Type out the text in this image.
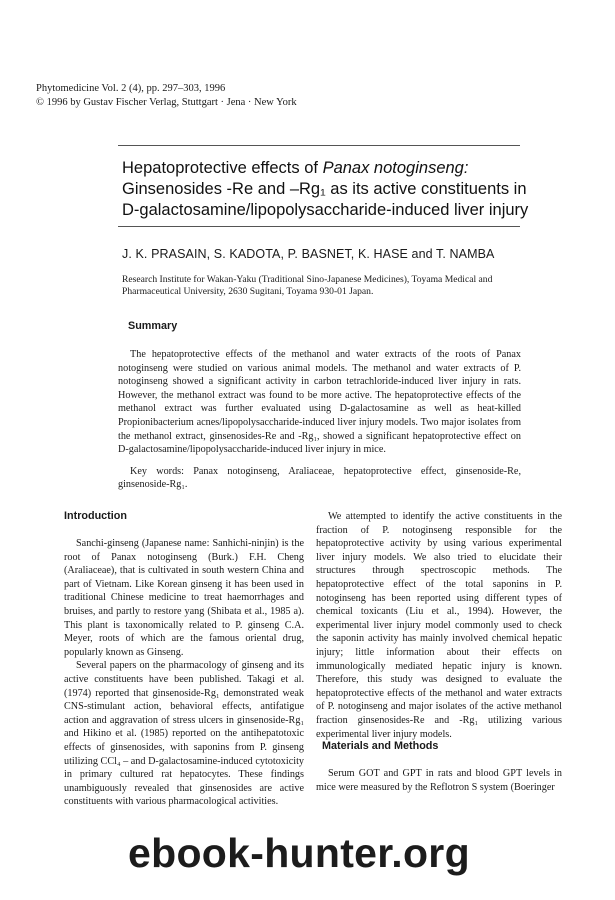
Phytomedicine Vol. 2 (4), pp. 297–303, 1996
© 1996 by Gustav Fischer Verlag, Stuttgart · Jena · New York
Hepatoprotective effects of Panax notoginseng:
Ginsenosides -Re and –Rg₁ as its active constituents in
D-galactosamine/lipopolysaccharide-induced liver injury
J. K. PRASAIN, S. KADOTA, P. BASNET, K. HASE and T. NAMBA
Research Institute for Wakan-Yaku (Traditional Sino-Japanese Medicines), Toyama Medical and Pharmaceutical University, 2630 Sugitani, Toyama 930-01 Japan.
Summary

The hepatoprotective effects of the methanol and water extracts of the roots of Panax notoginseng were studied on various animal models. The methanol and water extracts of P. notoginseng showed a significant activity in carbon tetrachloride-induced liver injury in rats. However, the methanol extract was found to be more active. The hepatoprotective effects of the methanol extract was further evaluated using D-galactosamine as well as heat-killed Propionibacterium acnes/lipopolysaccharide-induced liver injury models. Two major isolates from the methanol extract, ginsenosides-Re and -Rg₁, showed a significant hepatoprotective effect on D-galactosamine/lipopolysaccharide-induced liver injury in mice.

Key words: Panax notoginseng, Araliaceae, hepatoprotective effect, ginsenoside-Re, ginsenoside-Rg₁.

Introduction

Sanchi-ginseng (Japanese name: Sanhichi-ninjin) is the root of Panax notoginseng (Burk.) F.H. Cheng (Araliaceae), that is cultivated in south western China and part of Vietnam. Like Korean ginseng it has been used in traditional Chinese medicine to treat haemorrhages and bruises, and partly to restore yang (Shibata et al., 1985 a). This plant is taxonomically related to P. ginseng C.A. Meyer, roots of which are the famous oriental drug, popularly known as Ginseng.

Several papers on the pharmacology of ginseng and its active constituents have been published. Takagi et al. (1974) reported that ginsenoside-Rg₁ demonstrated weak CNS-stimulant action, behavioral effects, antifatigue action and aggravation of stress ulcers in ginsenoside-Rg₁ and Hikino et al. (1985) reported on the antihepatotoxic effects of ginsenosides, with saponins from P. ginseng utilizing CCl₄ – and D-galactosamine-induced cytotoxicity in primary cultured rat hepatocytes. These findings unambiguously revealed that ginsenosides are active constituents with various pharmacological activities.

We attempted to identify the active constituents in the fraction of P. notoginseng responsible for the hepatoprotective activity by using various experimental liver injury models. We also tried to elucidate their structures through spectroscopic methods. The hepatoprotective effect of the total saponins in P. notoginseng has been reported using different types of chemical toxicants (Liu et al., 1994). However, the experimental liver injury model commonly used to check the saponin activity has mainly involved chemical hepatic injury; little information about their effects on immunologically mediated hepatic injury is known. Therefore, this study was designed to evaluate the hepatoprotective effects of the methanol and water extracts of P. notoginseng and major isolates of the active methanol fraction ginsenosides-Re and -Rg₁ utilizing various experimental liver injury models.

Materials and Methods

Serum GOT and GPT in rats and blood GPT levels in mice were measured by the Reflotron S system (Boeringer

ebook-hunter.org
